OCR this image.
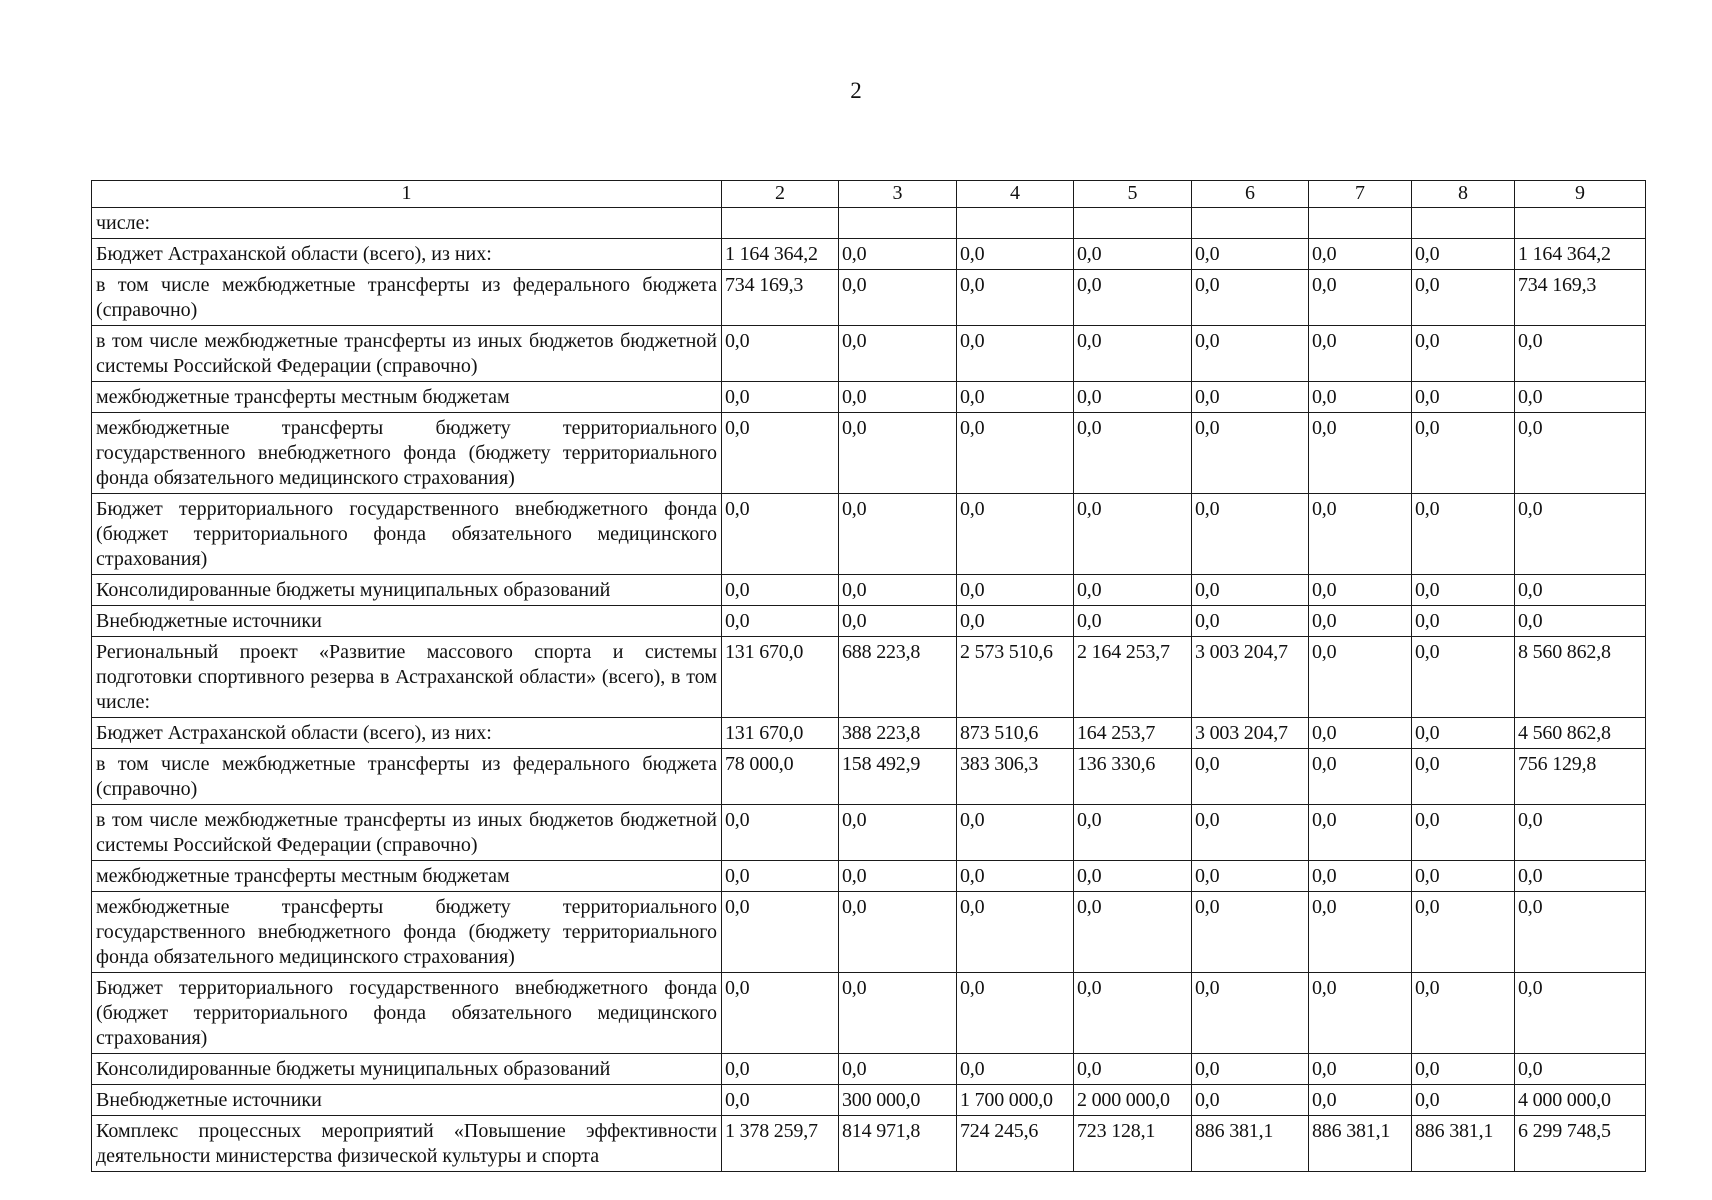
2
1	2	3	4	5	6	7	8	9
числе:								
Бюджет Астраханской области (всего), из них:	1 164 364,2	0,0	0,0	0,0	0,0	0,0	0,0	1 164 364,2
в том числе межбюджетные трансферты из федерального бюджета (справочно)	734 169,3	0,0	0,0	0,0	0,0	0,0	0,0	734 169,3
в том числе межбюджетные трансферты из иных бюджетов бюджетной системы Российской Федерации (справочно)	0,0	0,0	0,0	0,0	0,0	0,0	0,0	0,0
межбюджетные трансферты местным бюджетам	0,0	0,0	0,0	0,0	0,0	0,0	0,0	0,0
межбюджетные трансферты бюджету территориального государственного внебюджетного фонда (бюджету территориального фонда обязательного медицинского страхования)	0,0	0,0	0,0	0,0	0,0	0,0	0,0	0,0
Бюджет территориального государственного внебюджетного фонда (бюджет территориального фонда обязательного медицинского страхования)	0,0	0,0	0,0	0,0	0,0	0,0	0,0	0,0
Консолидированные бюджеты муниципальных образований	0,0	0,0	0,0	0,0	0,0	0,0	0,0	0,0
Внебюджетные источники	0,0	0,0	0,0	0,0	0,0	0,0	0,0	0,0
Региональный проект «Развитие массового спорта и системы подготовки спортивного резерва в Астраханской области» (всего), в том числе:	131 670,0	688 223,8	2 573 510,6	2 164 253,7	3 003 204,7	0,0	0,0	8 560 862,8
Бюджет Астраханской области (всего), из них:	131 670,0	388 223,8	873 510,6	164 253,7	3 003 204,7	0,0	0,0	4 560 862,8
в том числе межбюджетные трансферты из федерального бюджета (справочно)	78 000,0	158 492,9	383 306,3	136 330,6	0,0	0,0	0,0	756 129,8
в том числе межбюджетные трансферты из иных бюджетов бюджетной системы Российской Федерации (справочно)	0,0	0,0	0,0	0,0	0,0	0,0	0,0	0,0
межбюджетные трансферты местным бюджетам	0,0	0,0	0,0	0,0	0,0	0,0	0,0	0,0
межбюджетные трансферты бюджету территориального государственного внебюджетного фонда (бюджету территориального фонда обязательного медицинского страхования)	0,0	0,0	0,0	0,0	0,0	0,0	0,0	0,0
Бюджет территориального государственного внебюджетного фонда (бюджет территориального фонда обязательного медицинского страхования)	0,0	0,0	0,0	0,0	0,0	0,0	0,0	0,0
Консолидированные бюджеты муниципальных образований	0,0	0,0	0,0	0,0	0,0	0,0	0,0	0,0
Внебюджетные источники	0,0	300 000,0	1 700 000,0	2 000 000,0	0,0	0,0	0,0	4 000 000,0
Комплекс процессных мероприятий «Повышение эффективности деятельности министерства физической культуры и спорта	1 378 259,7	814 971,8	724 245,6	723 128,1	886 381,1	886 381,1	886 381,1	6 299 748,5
